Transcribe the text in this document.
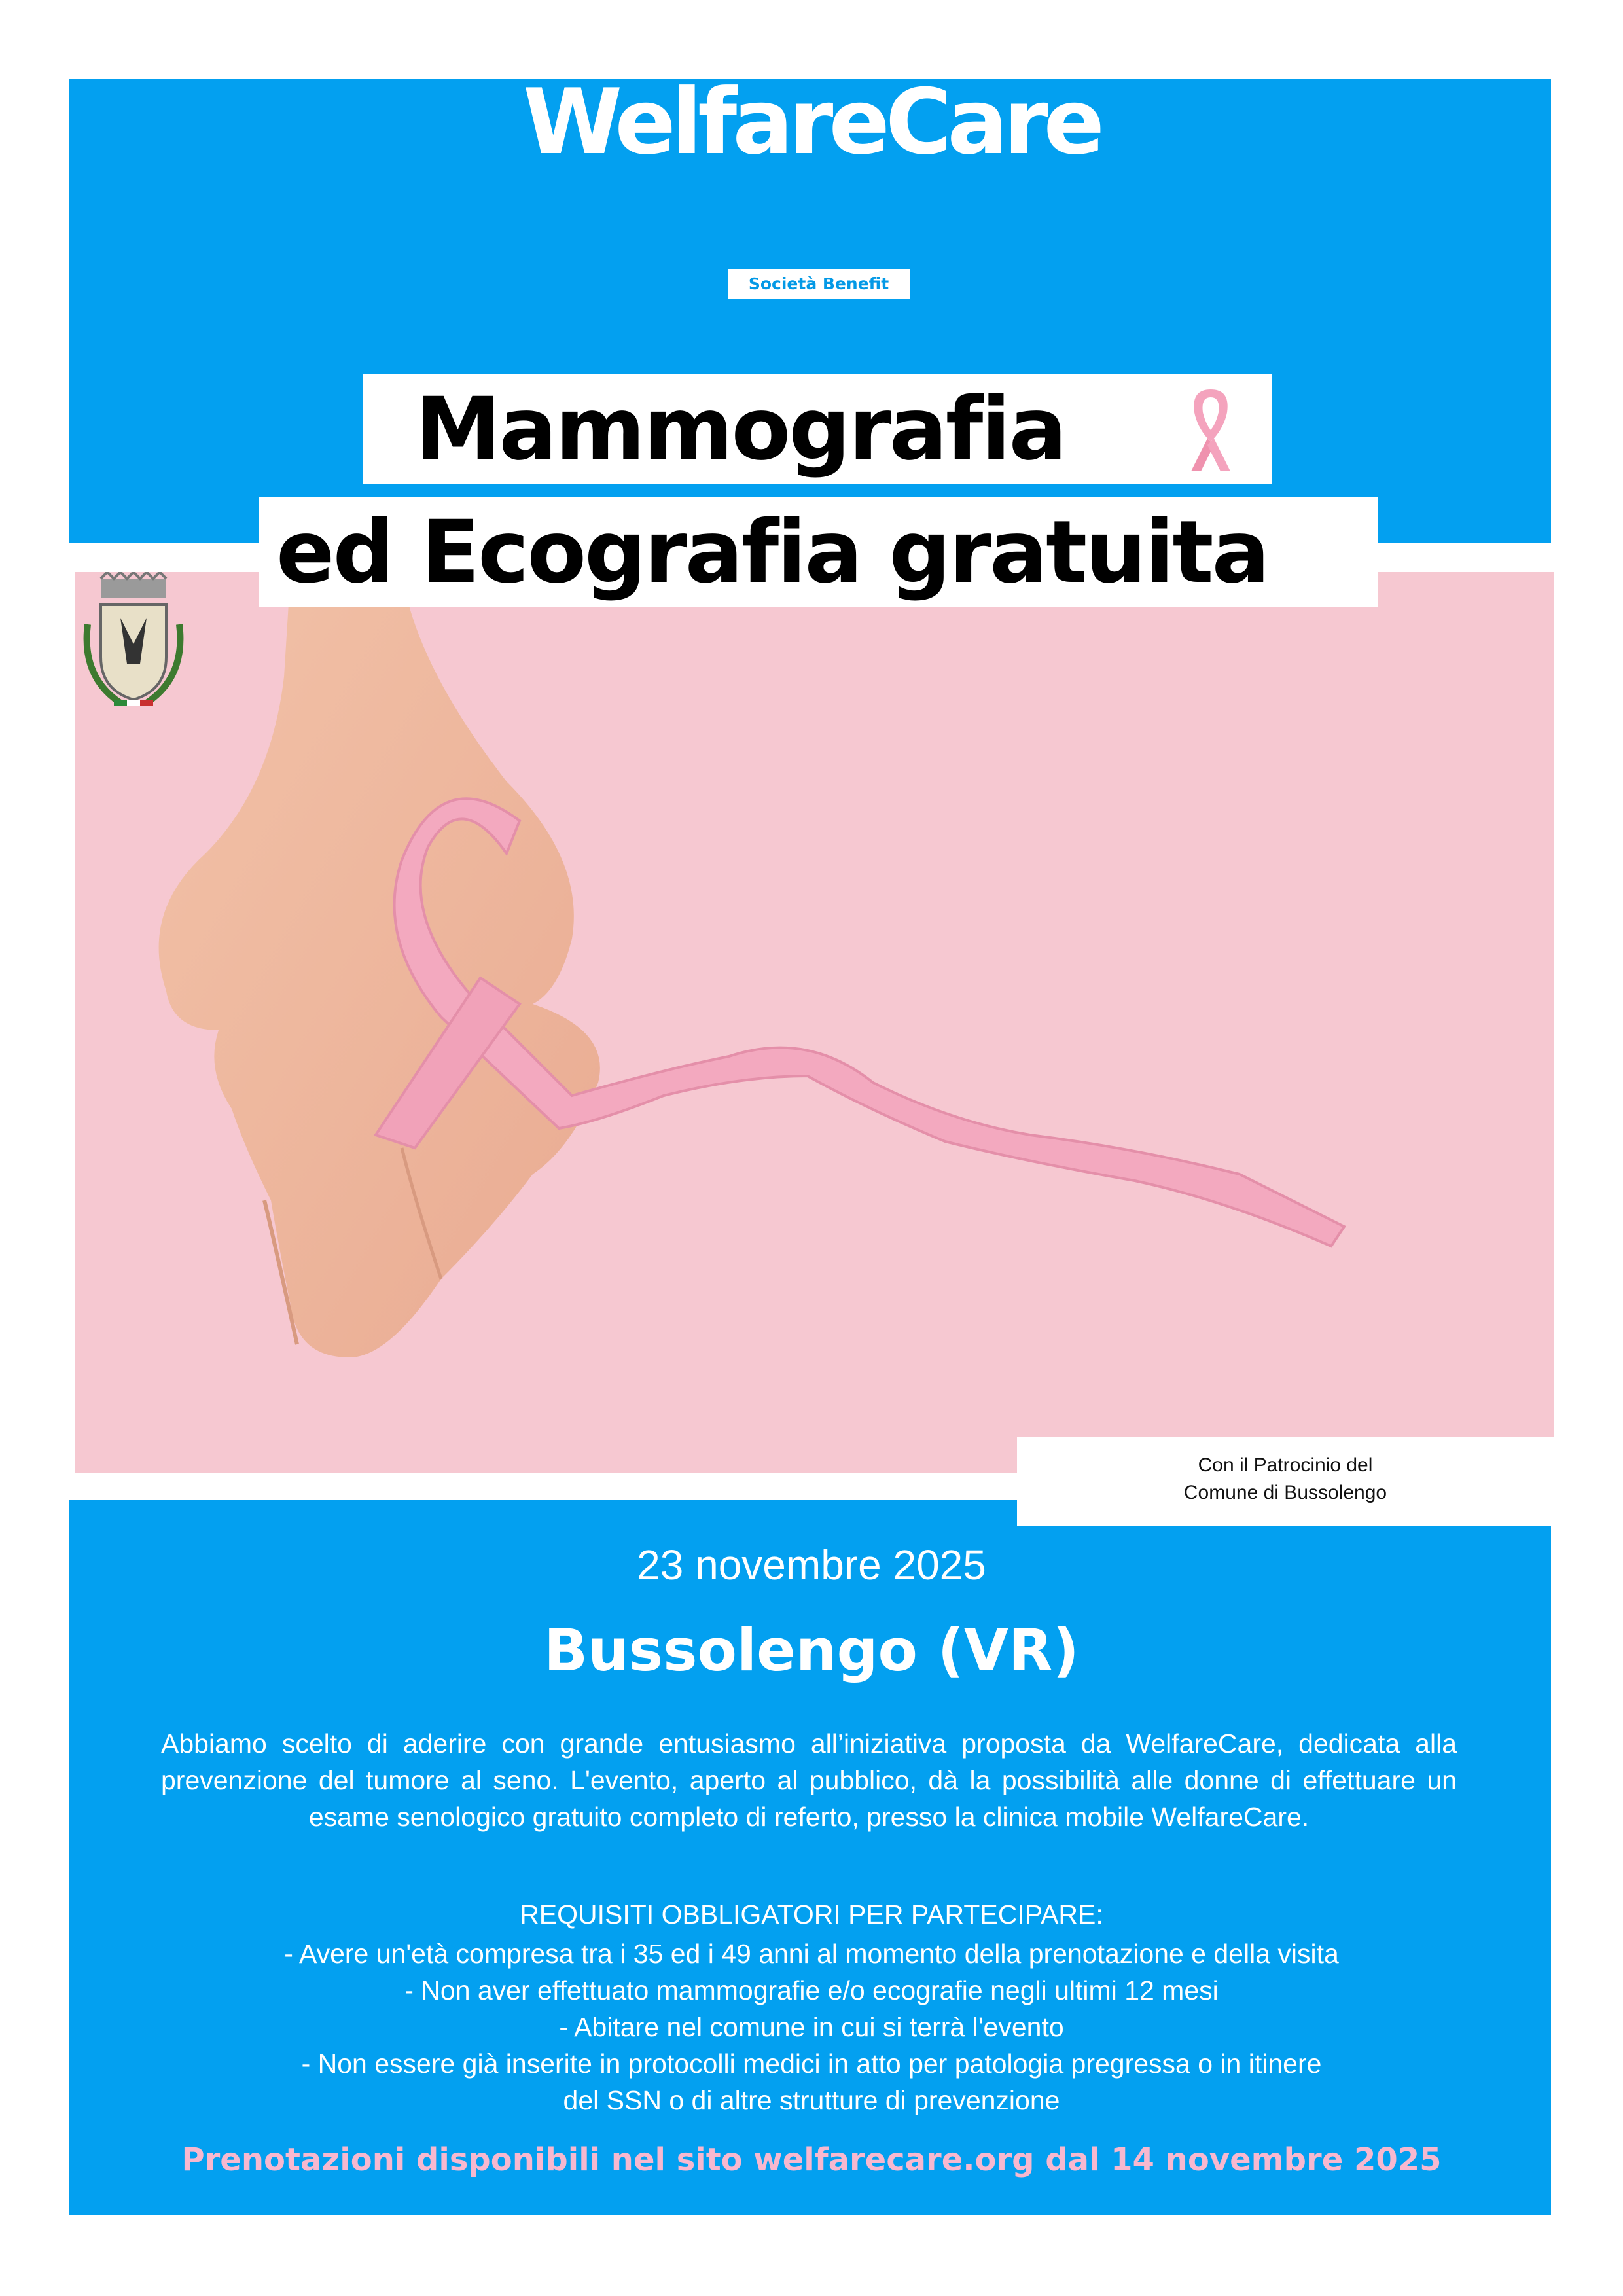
WelfareCare
Società Benefit
Mammografia
ed Ecografia gratuita
Con il Patrocinio del
Comune di Bussolengo
23 novembre 2025
Bussolengo (VR)
Abbiamo scelto di aderire con grande entusiasmo all’iniziativa proposta da WelfareCare, dedicata alla prevenzione del tumore al seno. L'evento, aperto al pubblico, dà la possibilità alle donne di effettuare un esame senologico gratuito completo di referto, presso la clinica mobile WelfareCare.
REQUISITI OBBLIGATORI PER PARTECIPARE:
- Avere un'età compresa tra i 35 ed i 49 anni al momento della prenotazione e della visita
- Non aver effettuato mammografie e/o ecografie negli ultimi 12 mesi
- Abitare nel comune in cui si terrà l'evento
- Non essere già inserite in protocolli medici in atto per patologia pregressa o in itinere
del SSN o di altre strutture di prevenzione
Prenotazioni disponibili nel sito welfarecare.org dal 14 novembre 2025
